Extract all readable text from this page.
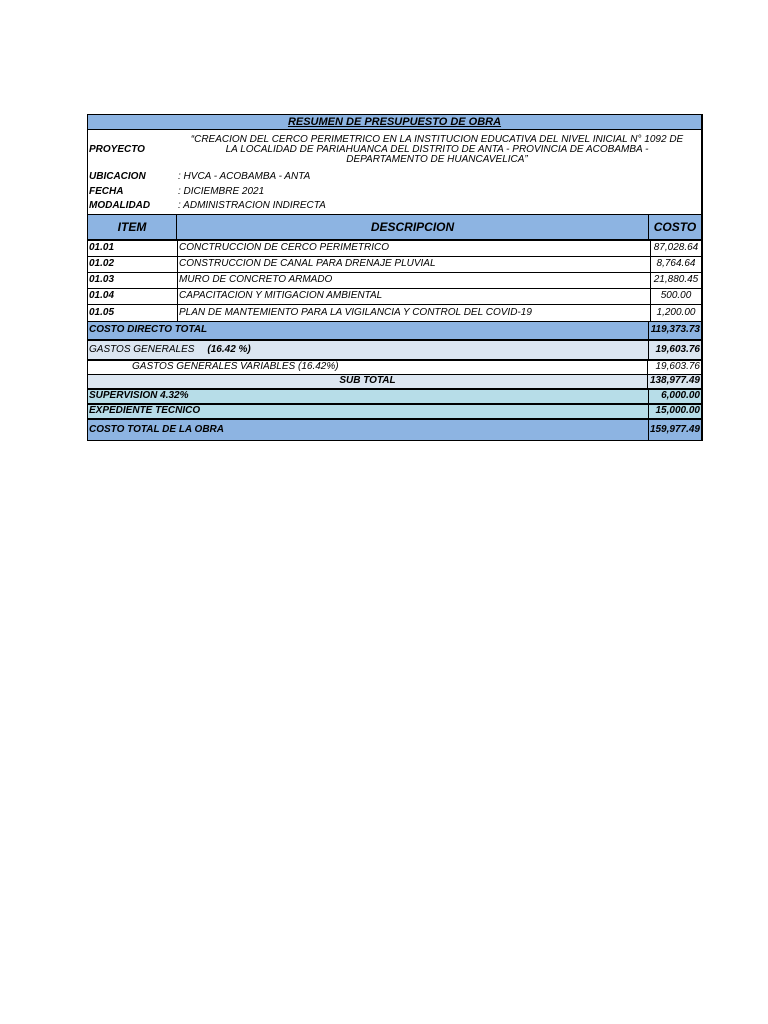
RESUMEN DE PRESUPUESTO DE OBRA
PROYECTO
“CREACION DEL CERCO PERIMETRICO EN LA INSTITUCION EDUCATIVA DEL NIVEL INICIAL N° 1092 DE LA LOCALIDAD DE PARIAHUANCA DEL DISTRITO DE ANTA - PROVINCIA DE ACOBAMBA - DEPARTAMENTO DE HUANCAVELICA”
UBICACION	: HVCA - ACOBAMBA - ANTA
FECHA	: DICIEMBRE 2021
MODALIDAD	: ADMINISTRACION INDIRECTA
ITEM	DESCRIPCION	COSTO
01.01	CONCTRUCCION DE CERCO PERIMETRICO	87,028.64
01.02	CONSTRUCCION DE CANAL PARA DRENAJE PLUVIAL	8,764.64
01.03	MURO DE CONCRETO ARMADO	21,880.45
01.04	CAPACITACION Y MITIGACION AMBIENTAL	500.00
01.05	PLAN DE MANTEMIENTO PARA LA VIGILANCIA Y CONTROL DEL COVID-19	1,200.00
COSTO DIRECTO TOTAL	119,373.73
GASTOS GENERALES (16.42 %)	19,603.76
GASTOS GENERALES VARIABLES (16.42%)	19,603.76
SUB TOTAL	138,977.49
SUPERVISION 4.32%	6,000.00
EXPEDIENTE TECNICO	15,000.00
COSTO TOTAL DE LA OBRA	159,977.49
